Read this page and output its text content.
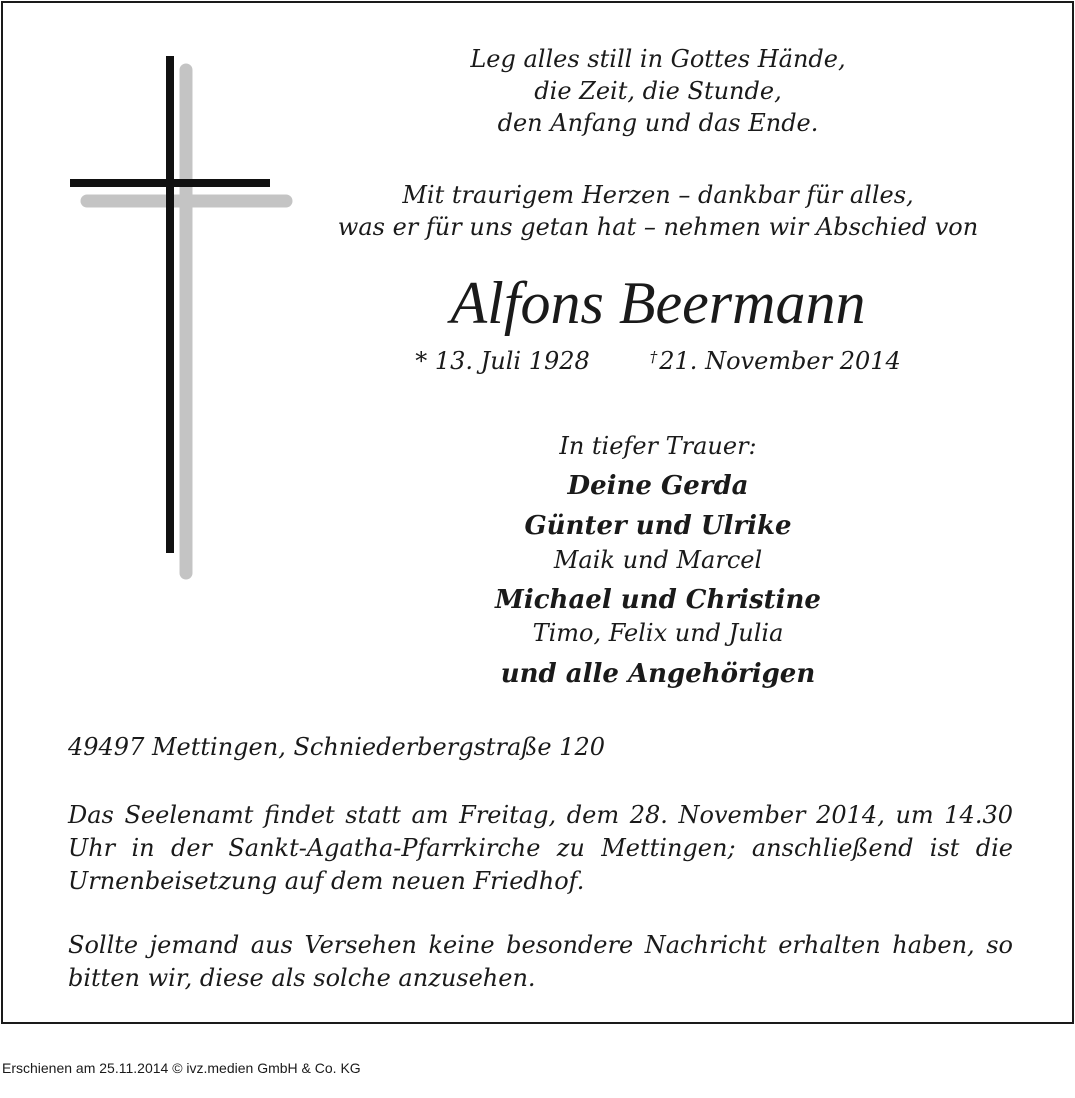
Leg alles still in Gottes Hände,
die Zeit, die Stunde,
den Anfang und das Ende.
Mit traurigem Herzen – dankbar für alles,
was er für uns getan hat – nehmen wir Abschied von
Alfons Beermann
* 13. Juli 1928	†21. November 2014
In tiefer Trauer:
Deine Gerda
Günter und Ulrike
Maik und Marcel
Michael und Christine
Timo, Felix und Julia
und alle Angehörigen
49497 Mettingen, Schniederbergstraße 120
Das Seelenamt findet statt am Freitag, dem 28. November 2014, um 14.30 Uhr in der Sankt-Agatha-Pfarrkirche zu Mettingen; anschließend ist die Urnenbeisetzung auf dem neuen Friedhof.
Sollte jemand aus Versehen keine besondere Nachricht erhalten haben, so bitten wir, diese als solche anzusehen.
Erschienen am 25.11.2014 © ivz.medien GmbH & Co. KG
